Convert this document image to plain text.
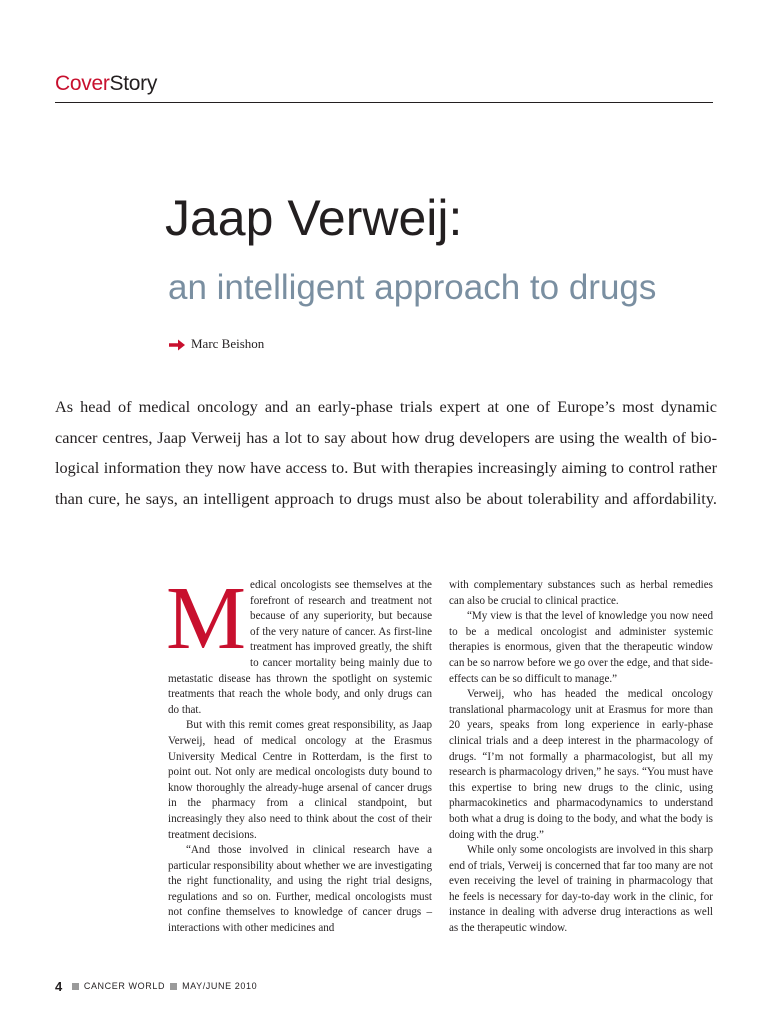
CoverStory
Jaap Verweij:
an intelligent approach to drugs
Marc Beishon

As head of medical oncology and an early-phase trials expert at one of Europe’s most dynamic cancer centres, Jaap Verweij has a lot to say about how drug developers are using the wealth of bio- logical information they now have access to. But with therapies increasingly aiming to control rather than cure, he says, an intelligent approach to drugs must also be about tolerability and affordability.

Medical oncologists see themselves at the forefront of research and treatment not because of any superiority, but because of the very nature of cancer. As first-line treatment has improved greatly, the shift to cancer mortality being mainly due to metastatic disease has thrown the spotlight on systemic treatments that reach the whole body, and only drugs can do that.

But with this remit comes great responsibility, as Jaap Verweij, head of medical oncology at the Erasmus University Medical Centre in Rotterdam, is the first to point out. Not only are medical oncologists duty bound to know thoroughly the already-huge arsenal of cancer drugs in the pharmacy from a clinical standpoint, but increasingly they also need to think about the cost of their treatment decisions.

“And those involved in clinical research have a particular responsibility about whether we are investigating the right functionality, and using the right trial designs, regulations and so on. Further, medical oncologists must not confine themselves to knowledge of cancer drugs – interactions with other medicines and

with complementary substances such as herbal remedies can also be crucial to clinical practice.

“My view is that the level of knowledge you now need to be a medical oncologist and administer systemic therapies is enormous, given that the therapeutic window can be so narrow before we go over the edge, and that side-effects can be so difficult to manage.”

Verweij, who has headed the medical oncology translational pharmacology unit at Erasmus for more than 20 years, speaks from long experience in early-phase clinical trials and a deep interest in the pharmacology of drugs. “I’m not formally a pharmacologist, but all my research is pharmacology driven,” he says. “You must have this expertise to bring new drugs to the clinic, using pharmacokinetics and pharmacodynamics to understand both what a drug is doing to the body, and what the body is doing with the drug.”

While only some oncologists are involved in this sharp end of trials, Verweij is concerned that far too many are not even receiving the level of training in pharmacology that he feels is necessary for day-to-day work in the clinic, for instance in dealing with adverse drug interactions as well as the therapeutic window.

4 CANCER WORLD MAY/JUNE 2010
